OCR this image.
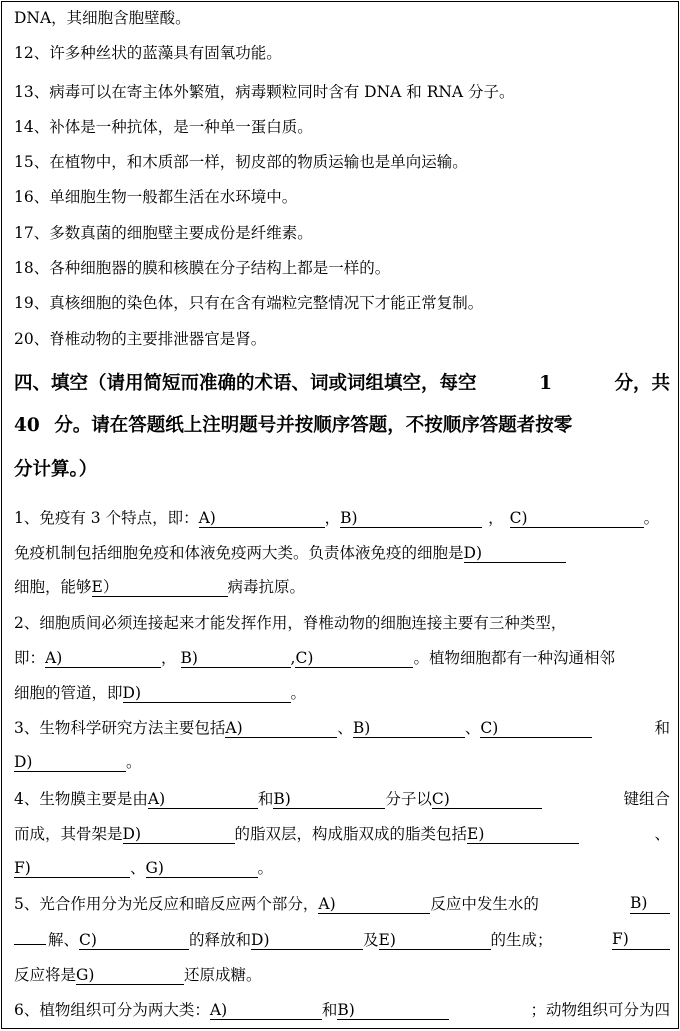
DNA，其细胞含胞壁酸。
12、许多种丝状的蓝藻具有固氧功能。
13、病毒可以在寄主体外繁殖，病毒颗粒同时含有 DNA 和 RNA 分子。
14、补体是一种抗体，是一种单一蛋白质。
15、在植物中，和木质部一样，韧皮部的物质运输也是单向运输。
16、单细胞生物一般都生活在水环境中。
17、多数真菌的细胞壁主要成份是纤维素。
18、各种细胞器的膜和核膜在分子结构上都是一样的。
19、真核细胞的染色体，只有在含有端粒完整情况下才能正常复制。
20、脊椎动物的主要排泄器官是肾。
四、填空（请用简短而准确的术语、词或词组填空，每空	1	分，共
40 分。请在答题纸上注明题号并按顺序答题，不按顺序答题者按零
分计算。）
1、免疫有 3 个特点，即：A)	，B)	， C)	。
免疫机制包括细胞免疫和体液免疫两大类。负责体液免疫的细胞是D)
细胞，能够E）	病毒抗原。
2、细胞质间必须连接起来才能发挥作用，脊椎动物的细胞连接主要有三种类型，
即：A)	， B)	,C)	。植物细胞都有一种沟通相邻
细胞的管道，即D)	。
3、生物科学研究方法主要包括A)	、B)	、C)	和
D)	。
4、生物膜主要是由A)	和B)	分子以C)	键组合
而成，其骨架是D)	的脂双层，构成脂双成的脂类包括E)	、
F)	、G)	。
5、光合作用分为光反应和暗反应两个部分，A)	反应中发生水的	B)
解、C)	的释放和D)	及E)	的生成；	F)
反应将是G)	还原成糖。
6、植物组织可分为两大类：A)	和B)	；动物组织可分为四
